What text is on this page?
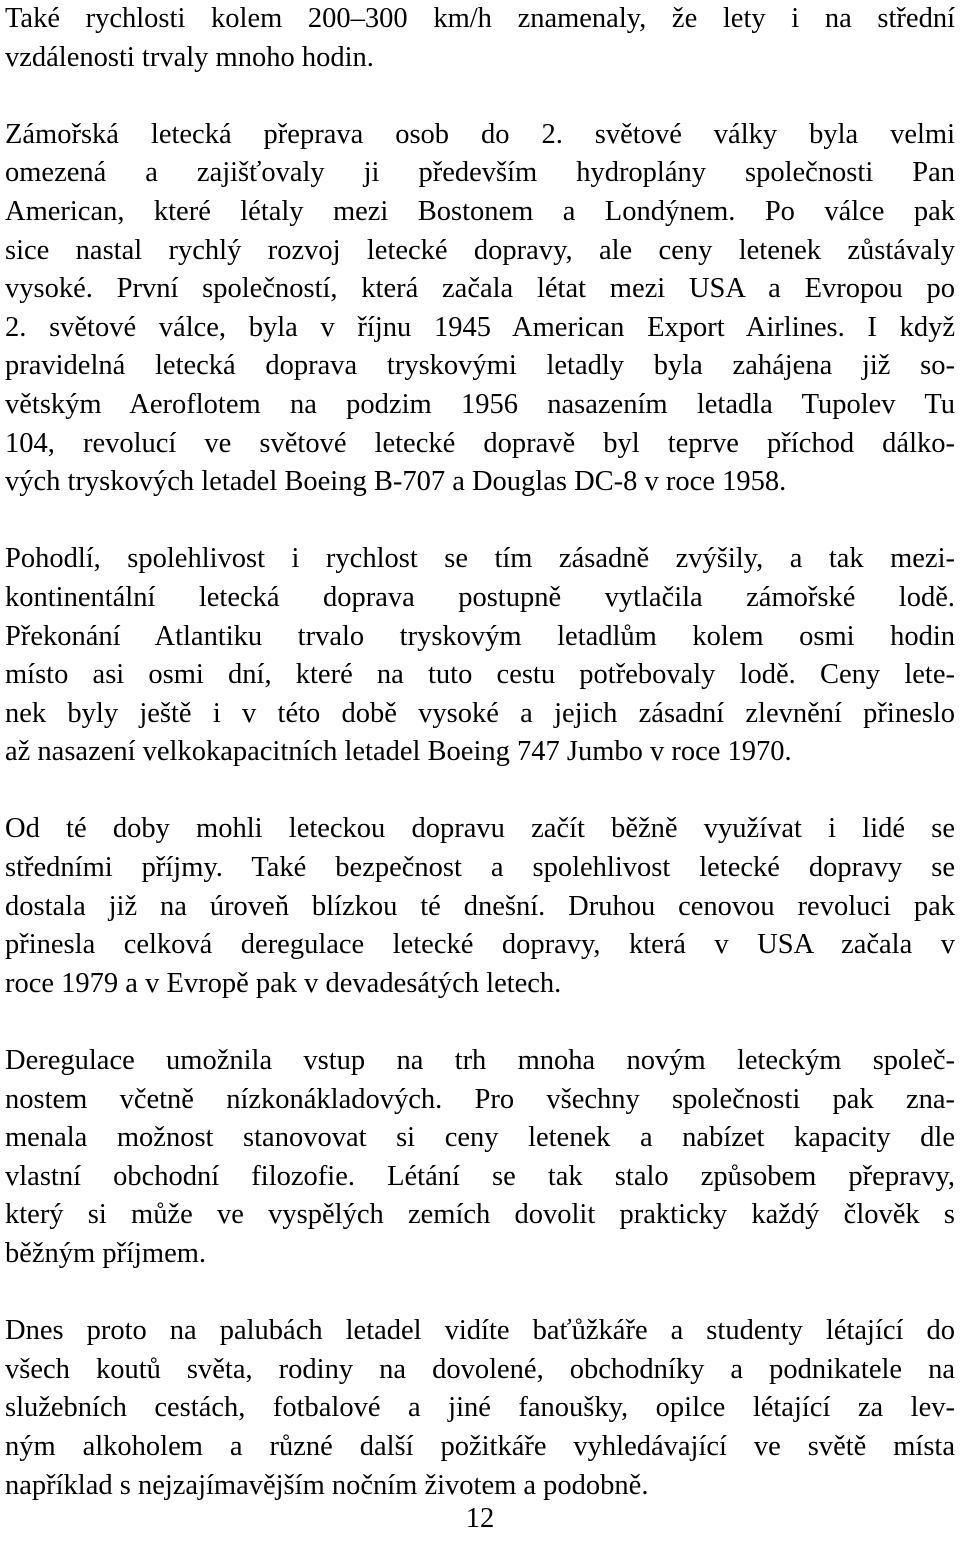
Také rychlosti kolem 200–300 km/h znamenaly, že lety i na střední
vzdálenosti trvaly mnoho hodin.
Zámořská letecká přeprava osob do 2. světové války byla velmi
omezená a zajišťovaly ji především hydroplány společnosti Pan
American, které létaly mezi Bostonem a Londýnem. Po válce pak
sice nastal rychlý rozvoj letecké dopravy, ale ceny letenek zůstávaly
vysoké. První společností, která začala létat mezi USA a Evropou po
2. světové válce, byla v říjnu 1945 American Export Airlines. I když
pravidelná letecká doprava tryskovými letadly byla zahájena již so-
větským Aeroflotem na podzim 1956 nasazením letadla Tupolev Tu
104, revolucí ve světové letecké dopravě byl teprve příchod dálko-
vých tryskových letadel Boeing B-707 a Douglas DC-8 v roce 1958.
Pohodlí, spolehlivost i rychlost se tím zásadně zvýšily, a tak mezi-
kontinentální letecká doprava postupně vytlačila zámořské lodě.
Překonání Atlantiku trvalo tryskovým letadlům kolem osmi hodin
místo asi osmi dní, které na tuto cestu potřebovaly lodě. Ceny lete-
nek byly ještě i v této době vysoké a jejich zásadní zlevnění přineslo
až nasazení velkokapacitních letadel Boeing 747 Jumbo v roce 1970.
Od té doby mohli leteckou dopravu začít běžně využívat i lidé se
středními příjmy. Také bezpečnost a spolehlivost letecké dopravy se
dostala již na úroveň blízkou té dnešní. Druhou cenovou revoluci pak
přinesla celková deregulace letecké dopravy, která v USA začala v
roce 1979 a v Evropě pak v devadesátých letech.
Deregulace umožnila vstup na trh mnoha novým leteckým společ-
nostem včetně nízkonákladových. Pro všechny společnosti pak zna-
menala možnost stanovovat si ceny letenek a nabízet kapacity dle
vlastní obchodní filozofie. Létání se tak stalo způsobem přepravy,
který si může ve vyspělých zemích dovolit prakticky každý člověk s
běžným příjmem.
Dnes proto na palubách letadel vidíte baťůžkáře a studenty létající do
všech koutů světa, rodiny na dovolené, obchodníky a podnikatele na
služebních cestách, fotbalové a jiné fanoušky, opilce létající za lev-
ným alkoholem a různé další požitkáře vyhledávající ve světě místa
například s nejzajímavějším nočním životem a podobně.
12
